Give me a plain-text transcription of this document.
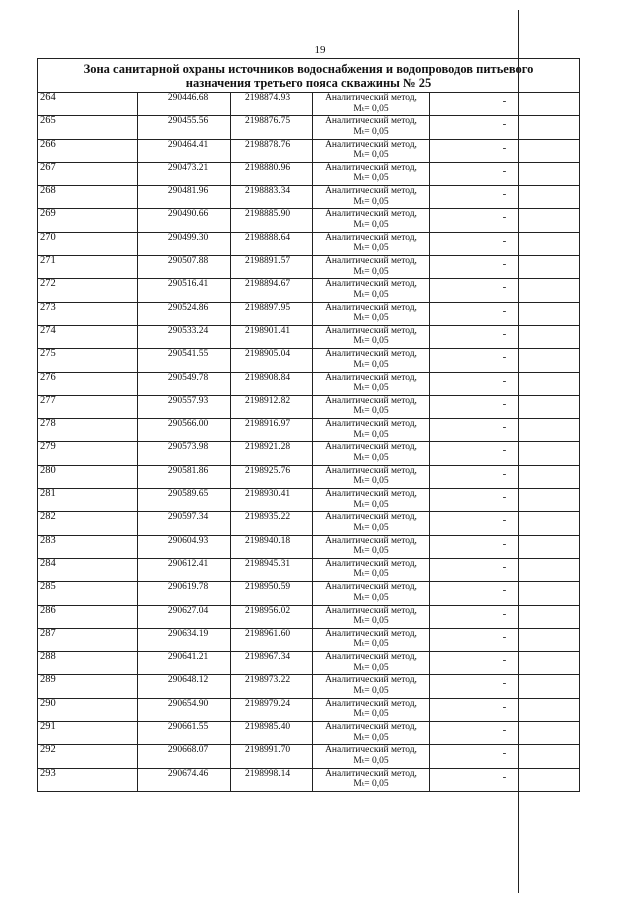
19
Зона санитарной охраны источников водоснабжения и водопроводов питьевого
назначения третьего пояса скважины № 25				

264	290446.68	2198874.93	Аналитический метод,
Mₜ= 0,05	-
265	290455.56	2198876.75	Аналитический метод,
Mₜ= 0,05	-
266	290464.41	2198878.76	Аналитический метод,
Mₜ= 0,05	-
267	290473.21	2198880.96	Аналитический метод,
Mₜ= 0,05	-
268	290481.96	2198883.34	Аналитический метод,
Mₜ= 0,05	-
269	290490.66	2198885.90	Аналитический метод,
Mₜ= 0,05	-
270	290499.30	2198888.64	Аналитический метод,
Mₜ= 0,05	-
271	290507.88	2198891.57	Аналитический метод,
Mₜ= 0,05	-
272	290516.41	2198894.67	Аналитический метод,
Mₜ= 0,05	-
273	290524.86	2198897.95	Аналитический метод,
Mₜ= 0,05	-
274	290533.24	2198901.41	Аналитический метод,
Mₜ= 0,05	-
275	290541.55	2198905.04	Аналитический метод,
Mₜ= 0,05	-
276	290549.78	2198908.84	Аналитический метод,
Mₜ= 0,05	-
277	290557.93	2198912.82	Аналитический метод,
Mₜ= 0,05	-
278	290566.00	2198916.97	Аналитический метод,
Mₜ= 0,05	-
279	290573.98	2198921.28	Аналитический метод,
Mₜ= 0,05	-
280	290581.86	2198925.76	Аналитический метод,
Mₜ= 0,05	-
281	290589.65	2198930.41	Аналитический метод,
Mₜ= 0,05	-
282	290597.34	2198935.22	Аналитический метод,
Mₜ= 0,05	-
283	290604.93	2198940.18	Аналитический метод,
Mₜ= 0,05	-
284	290612.41	2198945.31	Аналитический метод,
Mₜ= 0,05	-
285	290619.78	2198950.59	Аналитический метод,
Mₜ= 0,05	-
286	290627.04	2198956.02	Аналитический метод,
Mₜ= 0,05	-
287	290634.19	2198961.60	Аналитический метод,
Mₜ= 0,05	-
288	290641.21	2198967.34	Аналитический метод,
Mₜ= 0,05	-
289	290648.12	2198973.22	Аналитический метод,
Mₜ= 0,05	-
290	290654.90	2198979.24	Аналитический метод,
Mₜ= 0,05	-
291	290661.55	2198985.40	Аналитический метод,
Mₜ= 0,05	-
292	290668.07	2198991.70	Аналитический метод,
Mₜ= 0,05	-
293	290674.46	2198998.14	Аналитический метод,
Mₜ= 0,05	-
